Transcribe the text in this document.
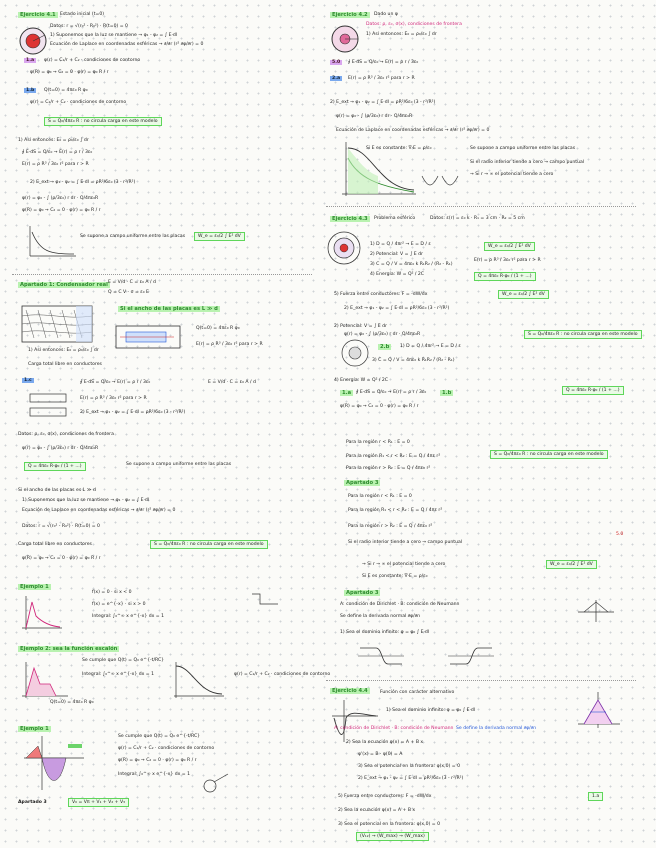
Ejercicio 4.1 Estado inicial (t=0)
Datos: r = √(r₀² - R₀²) · R(t=0) = 0
1) Suponemos que la luz se mantiene → φ₁ - φ₂ = ∫ E·dl
Ecuación de Laplace en coordenadas esféricas → ∂/∂r (r² ∂φ/∂r) = 0
1.a	φ(r) = C₁/r + C₂ · condiciones de contorno
φ(R) = φ₀ → C₂ = 0 · φ(r) = φ₀ R / r
1.b	Q(t=0) = 4πε₀ R φ₀
φ(r) = C₁/r + C₂ · condiciones de contorno
S = Q₀/4πε₀ R : no circula carga en este modelo
1) Así entonces: E₀ = ρ₀/ε₀ ∫ dr
∮ E·dS = Q/ε₀ → E(r) = ρ r / 3ε₀
E(r) = ρ R³ / 3ε₀ r² para r > R
2) E_ext → φ₁ - φ₂ = ∫ E·dl = ρR²/6ε₀ (3 - r²/R²)
φ(r) = φ₀ - ∫ (ρ/3ε₀) r dr · Q/4πε₀R
φ(R) = φ₀ → C₂ = 0 · φ(r) = φ₀ R / r
Se supone a campo uniforme entre las placas	W_e = ε₀/2 ∫ E² dV
Apartado 1: Condensador real E = V/d · C = ε₀ A / d
Q = C V · σ = ε₀ E
Si el ancho de las placas es L ≫ d
Q(t=0) = 4πε₀ R φ₀
E(r) = ρ R³ / 3ε₀ r² para r > R
1) Así entonces: E₀ = ρ₀/ε₀ ∫ dr
Carga total libre en conductores
1.c	∮ E·dS = Q/ε₀ → E(r) = ρ r / 3ε₀	E = V/d · C = ε₀ A / d
E(r) = ρ R³ / 3ε₀ r² para r > R
2) E_ext → φ₁ - φ₂ = ∫ E·dl = ρR²/6ε₀ (3 - r²/R²)
Datos: ρ, ε₀, σ(x), condiciones de frontera
φ(r) = φ₀ - ∫ (ρ/3ε₀) r dr · Q/4πε₀R
Q = 4πε₀ R·φ₀ / (1 + ...)	Se supone a campo uniforme entre las placas
Si el ancho de las placas es L ≫ d
1) Suponemos que la luz se mantiene → φ₁ - φ₂ = ∫ E·dl
Ecuación de Laplace en coordenadas esféricas → ∂/∂r (r² ∂φ/∂r) = 0
Datos: r = √(r₀² - R₀²) · R(t=0) = 0
Carga total libre en conductores	S = Q₀/4πε₀ R : no circula carga en este modelo
φ(R) = φ₀ → C₂ = 0 · φ(r) = φ₀ R / r
Ejemplo 1
f(x) = 0 · si x < 0
f(x) = e^{-x} · si x > 0
Integral: ∫₀^∞ x e^{-x} dx = 1
Ejemplo 2: sea la función escalón
Se cumple que Q(t) = Q₀ e^{-t/RC}
Integral: ∫₀^∞ x e^{-x} dx = 1	φ(r) = C₁/r + C₂ · condiciones de contorno
Q(t=0) = 4πε₀ R φ₀
Ejemplo 1
Se cumple que Q(t) = Q₀ e^{-t/RC}
φ(r) = C₁/r + C₂ · condiciones de contorno
φ(R) = φ₀ → C₂ = 0 · φ(r) = φ₀ R / r
Integral: ∫₀^∞ x e^{-x} dx = 1
Apartado 3	V₀ = Vπ + V₁ + V₂ + V₃
Ejercicio 4.2	Dado un φ
Datos: ρ, ε₀, σ(x), condiciones de frontera
1) Así entonces: E₀ = ρ₀/ε₀ ∫ dr
5.0	∮ E·dS = Q/ε₀ → E(r) = ρ r / 3ε₀
2.a	E(r) = ρ R³ / 3ε₀ r² para r > R
2) E_ext → φ₁ - φ₂ = ∫ E·dl = ρR²/6ε₀ (3 - r²/R²)
φ(r) = φ₀ - ∫ (ρ/3ε₀) r dr · Q/4πε₀R
Ecuación de Laplace en coordenadas esféricas → ∂/∂r (r² ∂φ/∂r) = 0
Si E es constante: ∇·E = ρ/ε₀	Se supone a campo uniforme entre las placas
Si el radio interior tiende a cero → campo puntual
→ Si r → ∞ el potencial tiende a cero
Ejercicio 4.3	Problema esférico	Datos: ε(r) = ε₀ k · R₁ = 3 cm · R₂ = 5 cm
1) D = Q / 4πr² → E = D / ε
2) Potencial: V = ∫ E dr
3) C = Q / V = 4πε₀ k R₁R₂ / (R₂ - R₁)
4) Energía: W = Q² / 2C
W_e = ε₀/2 ∫ E² dV
E(r) = ρ R³ / 3ε₀ r² para r > R
Q = 4πε₀ R·φ₀ / (1 + ...)
5) Fuerza entre conductores: F = -dW/dx	W_e = ε₀/2 ∫ E² dV
2) E_ext → φ₁ - φ₂ = ∫ E·dl = ρR²/6ε₀ (3 - r²/R²)
2) Potencial: V = ∫ E dr
φ(r) = φ₀ - ∫ (ρ/3ε₀) r dr · Q/4πε₀R
2.b	1) D = Q / 4πr² → E = D / ε
3) C = Q / V = 4πε₀ k R₁R₂ / (R₂ - R₁)
S = Q₀/4πε₀ R : no circula carga en este modelo
4) Energía: W = Q² / 2C
1.a	∮ E·dS = Q/ε₀ → E(r) = ρ r / 3ε₀	1.b	Q = 4πε₀ R·φ₀ / (1 + ...)
φ(R) = φ₀ → C₂ = 0 · φ(r) = φ₀ R / r
Para la región r < R₁ : E = 0
Para la región R₁ < r < R₂ : E = Q / 4πε r²
Para la región r > R₂ : E = Q / 4πε₀ r²
S = Q₀/4πε₀ R : no circula carga en este modelo
Apartado 3
Para la región r < R₁ : E = 0
Para la región R₁ < r < R₂ : E = Q / 4πε r²
Para la región r > R₂ : E = Q / 4πε₀ r²
Si el radio interior tiende a cero → campo puntual
5.0
→ Si r → ∞ el potencial tiende a cero
Si E es constante: ∇·E = ρ/ε₀
W_e = ε₀/2 ∫ E² dV
Apartado 3
A: condición de Dirichlet · B: condición de Neumann
Se define la derivada normal ∂φ/∂n
1) Sea el dominio infinito: φ = φ₀ ∫ E·dl
Ejercicio 4.4	Función con carácter alternativo
1) Sea el dominio infinito: φ = φ₀ ∫ E·dl
A: condición de Dirichlet · B: condición de Neumann Se define la derivada normal ∂φ/∂n
2) Sea la ecuación φ(x) = A + B x
φ'(x) = B · φ(0) = A
3) Sea el potencial en la frontera: φ(x,0) = 0
2) E_ext → φ₁ - φ₂ = ∫ E·dl = ρR²/6ε₀ (3 - r²/R²)
5) Fuerza entre conductores: F = -dW/dx	1.a
2) Sea la ecuación φ(x) = A + B x
3) Sea el potencial en la frontera: φ(x,0) = 0
(V₁₂) → (W_max) → (W_max)
